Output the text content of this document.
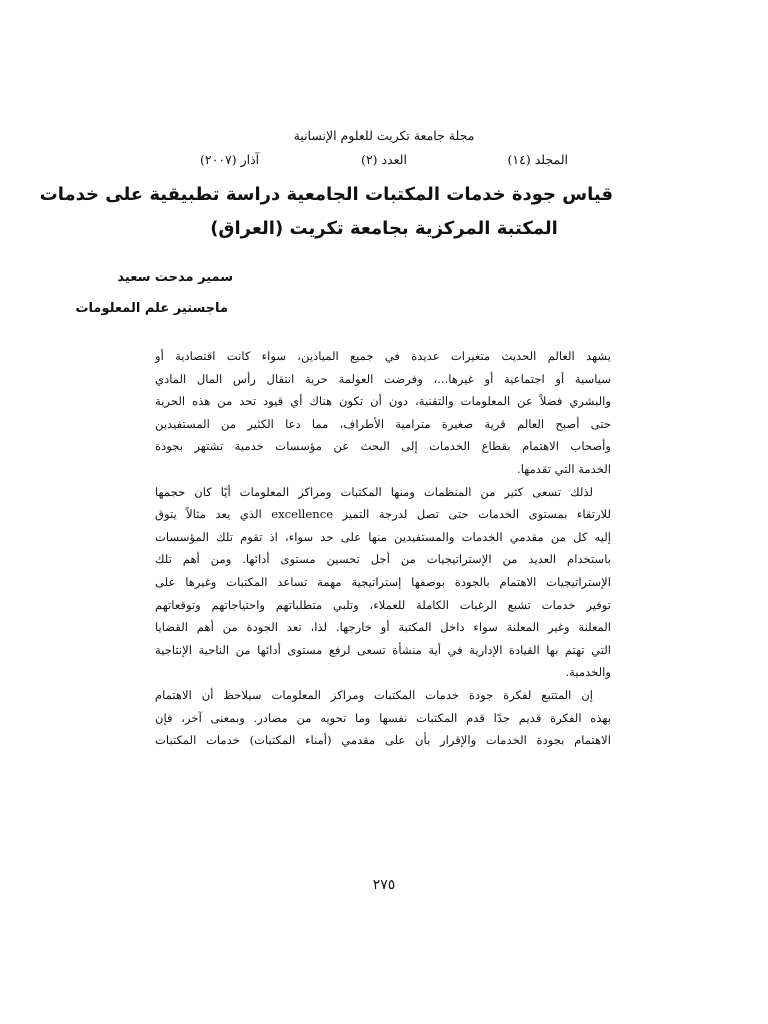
مجلة جامعة تكريت للعلوم الإنسانية
المجلد (١٤)
العدد (٢)
آذار (٢٠٠٧)
قياس جودة خدمات المكتبات الجامعية دراسة تطبيقية على خدمات
المكتبة المركزية بجامعة تكريت (العراق)
سمير مدحت سعيد
ماجستير علم المعلومات
يشهد العالم الحديث متغيرات عديدة في جميع الميادين، سواء كانت اقتصادية أو
سياسية أو اجتماعية أو غيرها...، وفرضت العولمة حرية انتقال رأس المال المادي
والبشري فضلاً عن المعلومات والتقنية، دون أن تكون هناك أي قيود تحد من هذه الحرية
حتى أصبح العالم قرية صغيرة مترامية الأطراف، مما دعا الكثير من المستفيدين
وأصحاب الاهتمام بقطاع الخدمات إلى البحث عن مؤسسات خدمية تشتهر بجودة
الخدمة التي تقدمها.
لذلك تسعى كثير من المنظمات ومنها المكتبات ومراكز المعلومات أيًا كان حجمها
للارتقاء بمستوى الخدمات حتى تصل لدرجة التميز excellence الذي يعد مثالاً يتوق
إليه كل من مقدمي الخدمات والمستفيدين منها على حد سواء، اذ تقوم تلك المؤسسات
باستخدام العديد من الإستراتيجيات من أجل تحسين مستوى أدائها. ومن أهم تلك
الإستراتيجيات الاهتمام بالجودة بوصفها إستراتيجية مهمة تساعد المكتبات وغيرها على
توفير خدمات تشبع الرغبات الكاملة للعملاء، وتلبي متطلباتهم واحتياجاتهم وتوقعاتهم
المعلنة وغير المعلنة سواء داخل المكتبة أو خارجها. لذا، تعد الجودة من أهم القضايا
التي تهتم بها القيادة الإدارية في أية منشأة تسعى لرفع مستوى أدائها من الناحية الإنتاجية
والخدمية.
إن المتتبع لفكرة جودة خدمات المكتبات ومراكز المعلومات سيلاحظ أن الاهتمام
بهذه الفكرة قديم جدًا قدم المكتبات نفسها وما تحويه من مصادر. وبمعنى آخر، فإن
الاهتمام بجودة الخدمات والإقرار بأن على مقدمي (أمناء المكتبات) خدمات المكتبات
٢٧٥
